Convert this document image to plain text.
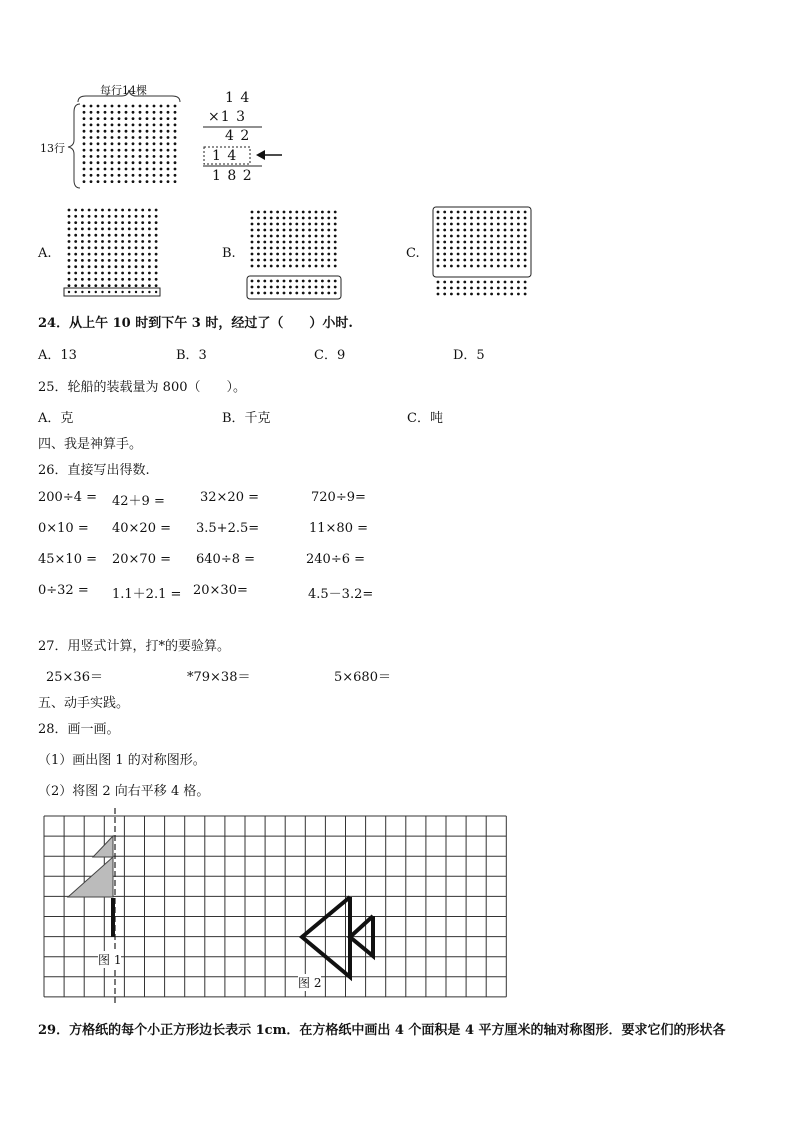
每行14棵
13行
1 4
×1 3
4 2
1 4
1 8 2
A.	B.	C.
24．从上午 10 时到下午 3 时，经过了（　　）小时.
A．13	B．3	C．9	D．5
25．轮船的装载量为 800（　　）。
A．克	B．千克	C．吨
四、我是神算手。
26．直接写出得数.
200÷4 = 42＋9 =	32×20 =	720÷9=
0×10 = 40×20 = 3.5+2.5=	11×80 =
45×10 = 20×70 = 640÷8 =	240÷6 =
0÷32 = 1.1＋2.1 = 20×30=	4.5－3.2=
27．用竖式计算，打*的要验算。
25×36＝	*79×38＝	5×680＝
五、动手实践。
28．画一画。
（1）画出图 1 的对称图形。
（2）将图 2 向右平移 4 格。
图 1
图 2
29．方格纸的每个小正方形边长表示 1cm．在方格纸中画出 4 个面积是 4 平方厘米的轴对称图形．要求它们的形状各
